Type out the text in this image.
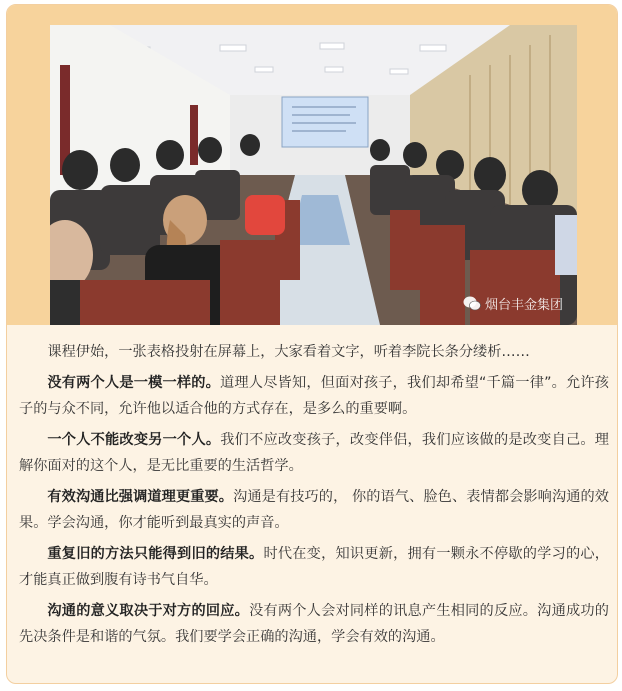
烟台丰金集团

课程伊始，一张表格投射在屏幕上，大家看着文字，听着李院长条分缕析……

没有两个人是一模一样的。道理人尽皆知，但面对孩子，我们却希望“千篇一律”。允许孩子的与众不同，允许他以适合他的方式存在，是多么的重要啊。

一个人不能改变另一个人。我们不应改变孩子，改变伴侣，我们应该做的是改变自己。理解你面对的这个人，是无比重要的生活哲学。

有效沟通比强调道理更重要。沟通是有技巧的， 你的语气、脸色、表情都会影响沟通的效果。学会沟通，你才能听到最真实的声音。

重复旧的方法只能得到旧的结果。时代在变，知识更新，拥有一颗永不停歇的学习的心，才能真正做到腹有诗书气自华。

沟通的意义取决于对方的回应。没有两个人会对同样的讯息产生相同的反应。沟通成功的先决条件是和谐的气氛。我们要学会正确的沟通，学会有效的沟通。
